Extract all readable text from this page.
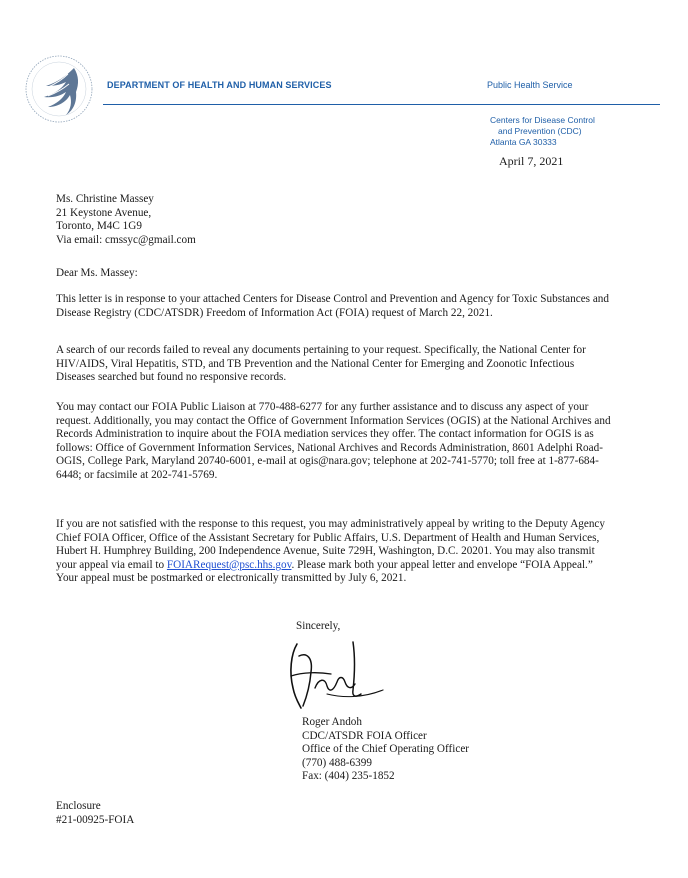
DEPARTMENT OF HEALTH AND HUMAN SERVICES	Public Health Service
Centers for Disease Control
and Prevention (CDC)
Atlanta GA 30333
April 7, 2021
Ms. Christine Massey
21 Keystone Avenue,
Toronto, M4C 1G9
Via email: cmssyc@gmail.com
Dear Ms. Massey:

This letter is in response to your attached Centers for Disease Control and Prevention and Agency for Toxic Substances and Disease Registry (CDC/ATSDR) Freedom of Information Act (FOIA) request of March 22, 2021.

A search of our records failed to reveal any documents pertaining to your request. Specifically, the National Center for HIV/AIDS, Viral Hepatitis, STD, and TB Prevention and the National Center for Emerging and Zoonotic Infectious Diseases searched but found no responsive records.

You may contact our FOIA Public Liaison at 770-488-6277 for any further assistance and to discuss any aspect of your request. Additionally, you may contact the Office of Government Information Services (OGIS) at the National Archives and Records Administration to inquire about the FOIA mediation services they offer. The contact information for OGIS is as follows: Office of Government Information Services, National Archives and Records Administration, 8601 Adelphi Road-OGIS, College Park, Maryland 20740-6001, e-mail at ogis@nara.gov; telephone at 202-741-5770; toll free at 1-877-684-6448; or facsimile at 202-741-5769.

If you are not satisfied with the response to this request, you may administratively appeal by writing to the Deputy Agency Chief FOIA Officer, Office of the Assistant Secretary for Public Affairs, U.S. Department of Health and Human Services, Hubert H. Humphrey Building, 200 Independence Avenue, Suite 729H, Washington, D.C. 20201. You may also transmit your appeal via email to FOIARequest@psc.hhs.gov. Please mark both your appeal letter and envelope “FOIA Appeal.” Your appeal must be postmarked or electronically transmitted by July 6, 2021.

Sincerely,
Roger Andoh
CDC/ATSDR FOIA Officer
Office of the Chief Operating Officer
(770) 488-6399
Fax: (404) 235-1852
Enclosure
#21-00925-FOIA
